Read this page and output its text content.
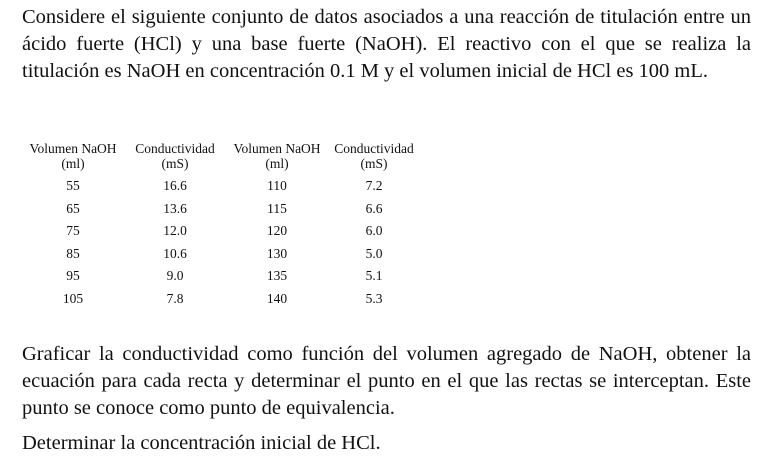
Considere el siguiente conjunto de datos asociados a una reacción de titulación entre un ácido fuerte (HCl) y una base fuerte (NaOH). El reactivo con el que se realiza la titulación es NaOH en concentración 0.1 M y el volumen inicial de HCl es 100 mL.

Volumen NaOH	Conductividad	Volumen NaOH	Conductividad
(ml)	(mS)	(ml)	(mS)

55	16.6	110	7.2
65	13.6	115	6.6
75	12.0	120	6.0
85	10.6	130	5.0
95	9.0	135	5.1
105	7.8	140	5.3

Graficar la conductividad como función del volumen agregado de NaOH, obtener la ecuación para cada recta y determinar el punto en el que las rectas se interceptan. Este punto se conoce como punto de equivalencia.

Determinar la concentración inicial de HCl.
